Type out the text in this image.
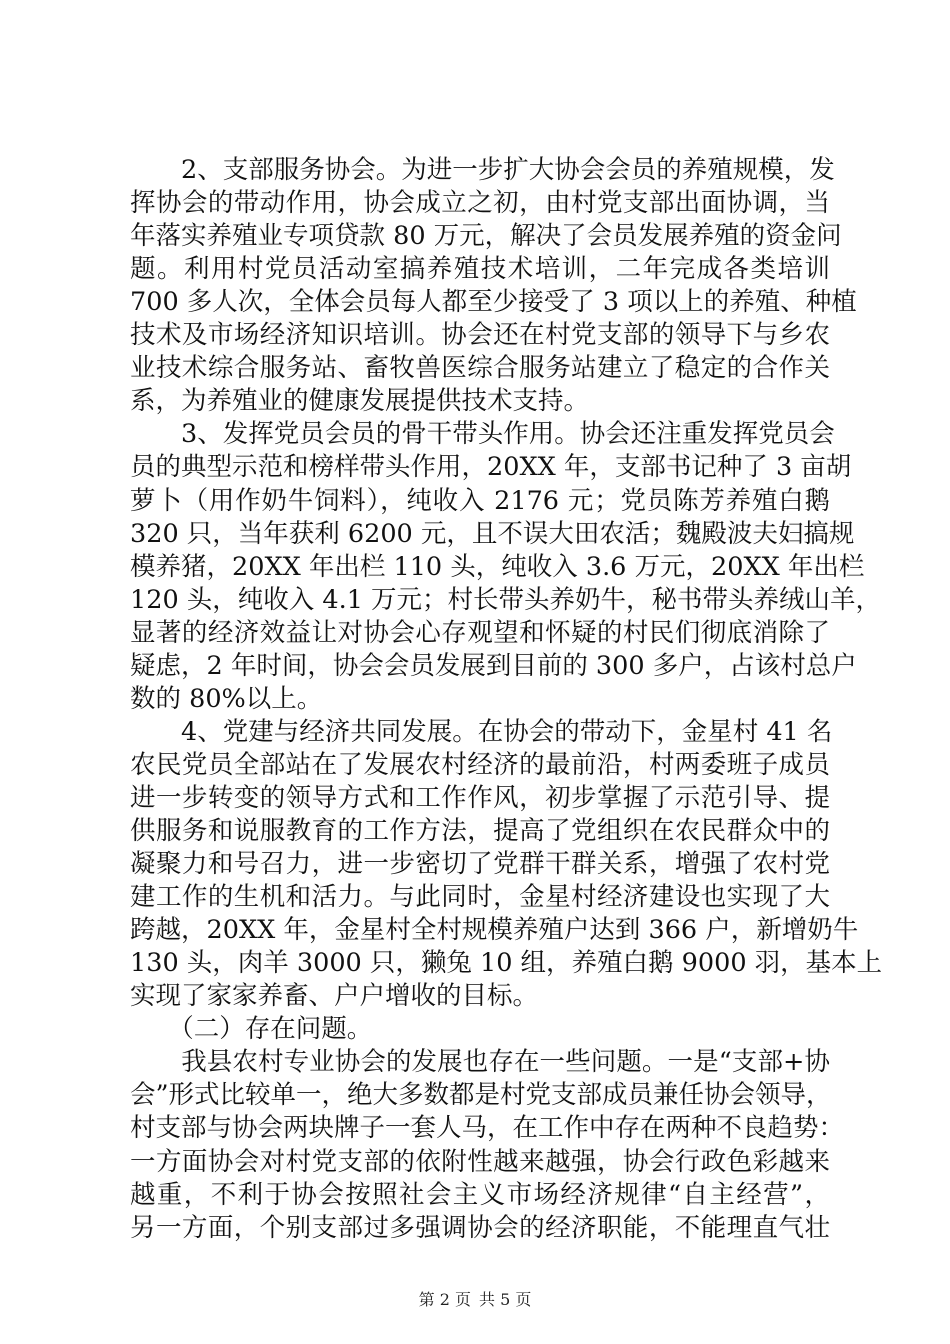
　　2、支部服务协会。为进一步扩大协会会员的养殖规模，发
挥协会的带动作用，协会成立之初，由村党支部出面协调，当
年落实养殖业专项贷款 80 万元，解决了会员发展养殖的资金问
题。利用村党员活动室搞养殖技术培训，二年完成各类培训
700 多人次，全体会员每人都至少接受了 3 项以上的养殖、种植
技术及市场经济知识培训。协会还在村党支部的领导下与乡农
业技术综合服务站、畜牧兽医综合服务站建立了稳定的合作关
系，为养殖业的健康发展提供技术支持。
　　3、发挥党员会员的骨干带头作用。协会还注重发挥党员会
员的典型示范和榜样带头作用，20XX 年，支部书记种了 3 亩胡
萝卜（用作奶牛饲料），纯收入 2176 元；党员陈芳养殖白鹅
320 只，当年获利 6200 元，且不误大田农活；魏殿波夫妇搞规
模养猪，20XX 年出栏 110 头，纯收入 3.6 万元，20XX 年出栏
120 头，纯收入 4.1 万元；村长带头养奶牛，秘书带头养绒山羊，
显著的经济效益让对协会心存观望和怀疑的村民们彻底消除了
疑虑，2 年时间，协会会员发展到目前的 300 多户，占该村总户
数的 80%以上。
　　4、党建与经济共同发展。在协会的带动下，金星村 41 名
农民党员全部站在了发展农村经济的最前沿，村两委班子成员
进一步转变的领导方式和工作作风，初步掌握了示范引导、提
供服务和说服教育的工作方法，提高了党组织在农民群众中的
凝聚力和号召力，进一步密切了党群干群关系，增强了农村党
建工作的生机和活力。与此同时，金星村经济建设也实现了大
跨越，20XX 年，金星村全村规模养殖户达到 366 户，新增奶牛
130 头，肉羊 3000 只，獭兔 10 组，养殖白鹅 9000 羽，基本上
实现了家家养畜、户户增收的目标。
　　（二）存在问题。
　　我县农村专业协会的发展也存在一些问题。一是“支部+协
会”形式比较单一，绝大多数都是村党支部成员兼任协会领导，
村支部与协会两块牌子一套人马，在工作中存在两种不良趋势：
一方面协会对村党支部的依附性越来越强，协会行政色彩越来
越重，不利于协会按照社会主义市场经济规律“自主经营”，
另一方面，个别支部过多强调协会的经济职能，不能理直气壮
第 2 页 共 5 页
